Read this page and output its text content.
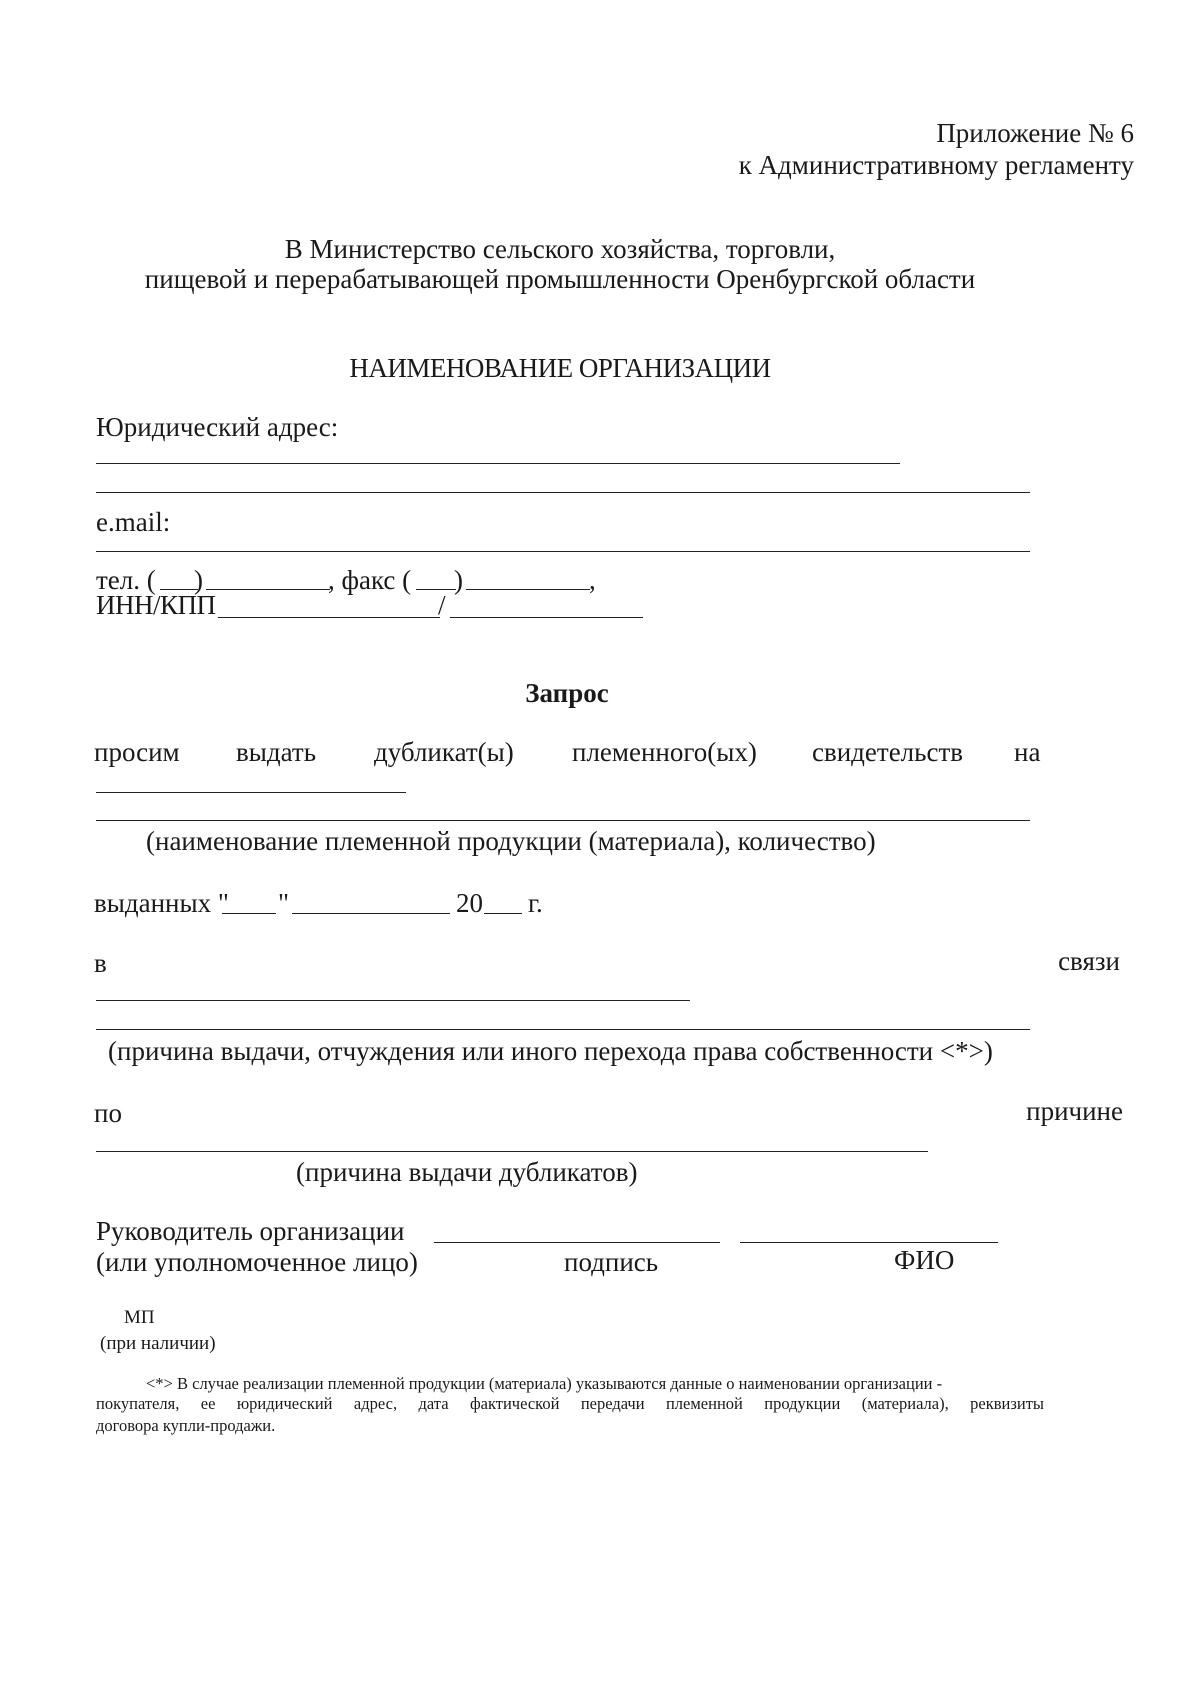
Приложение № 6
к Административному регламенту
В Министерство сельского хозяйства, торговли,
пищевой и перерабатывающей промышленности Оренбургской области
НАИМЕНОВАНИЕ ОРГАНИЗАЦИИ
Юридический адрес:
e.mail:
тел. ( )	, факс ( )	,
ИНН/КПП	/
Запрос
просим выдать дубликат(ы) племенного(ых) свидетельств на
(наименование племенной продукции (материала), количество)
выданных " "	20 г.
в	связи
(причина выдачи, отчуждения или иного перехода права собственности <*>)
по	причине
(причина выдачи дубликатов)
Руководитель организации
(или уполномоченное лицо)	подпись	ФИО
МП
(при наличии)
<*> В случае реализации племенной продукции (материала) указываются данные о наименовании организации -
покупателя, ее юридический адрес, дата фактической передачи племенной продукции (материала), реквизиты
договора купли-продажи.
